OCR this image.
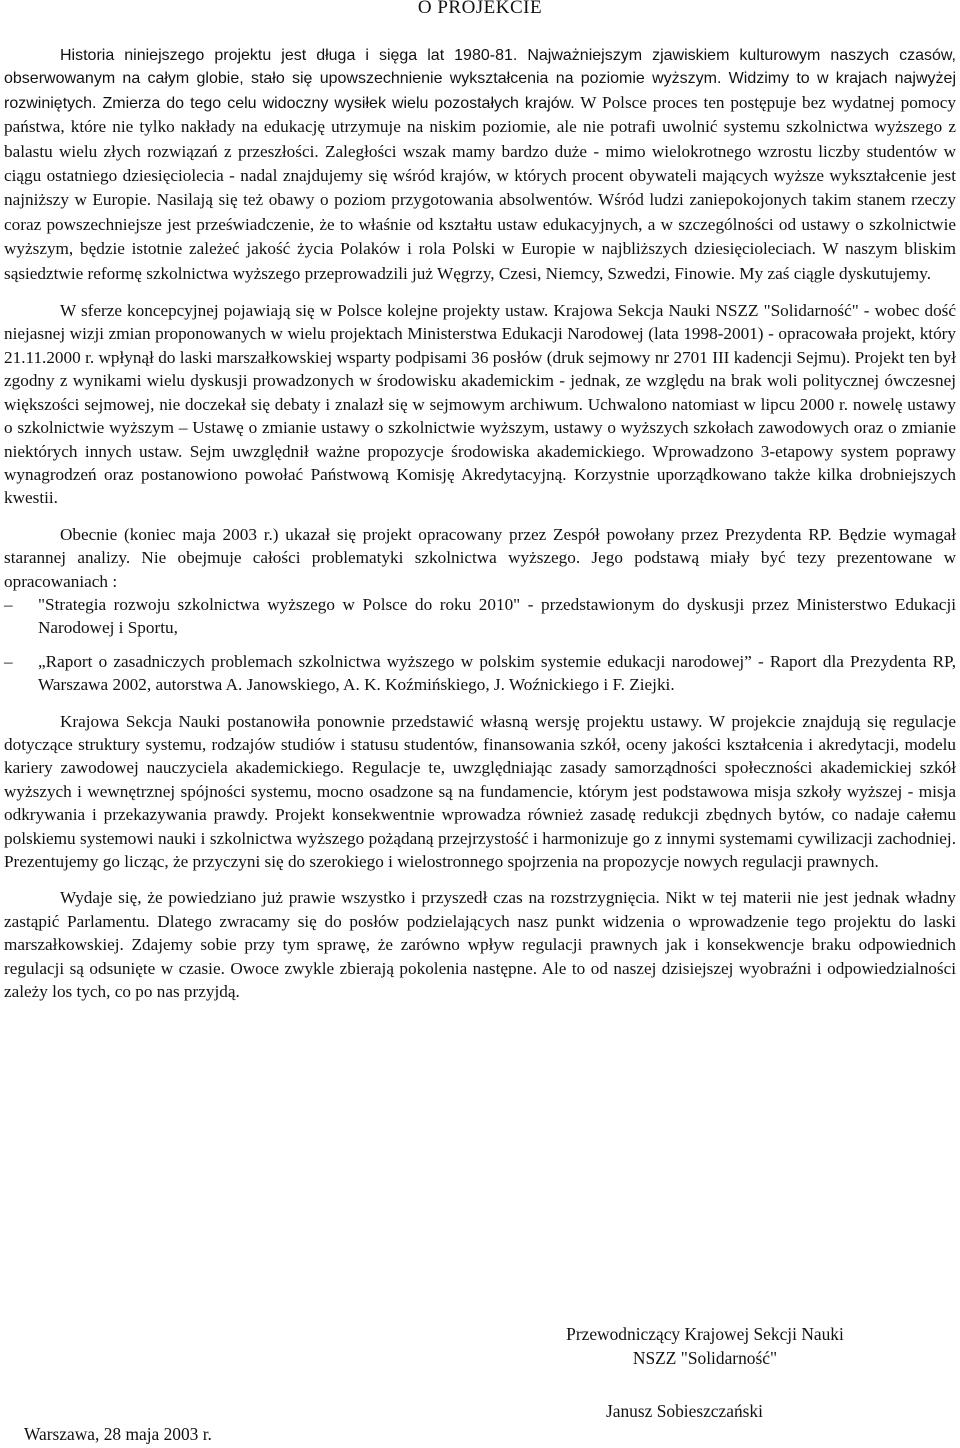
O PROJEKCIE

Historia niniejszego projektu jest długa i sięga lat 1980-81. Najważniejszym zjawiskiem kulturowym naszych czasów, obserwowanym na całym globie, stało się upowszechnienie wykształcenia na poziomie wyższym. Widzimy to w krajach najwyżej rozwiniętych. Zmierza do tego celu widoczny wysiłek wielu pozostałych krajów. W Polsce proces ten postępuje bez wydatnej pomocy państwa, które nie tylko nakłady na edukację utrzymuje na niskim poziomie, ale nie potrafi uwolnić systemu szkolnictwa wyższego z balastu wielu złych rozwiązań z przeszłości. Zaległości wszak mamy bardzo duże - mimo wielokrotnego wzrostu liczby studentów w ciągu ostatniego dziesięciolecia - nadal znajdujemy się wśród krajów, w których procent obywateli mających wyższe wykształcenie jest najniższy w Europie. Nasilają się też obawy o poziom przygotowania absolwentów. Wśród ludzi zaniepokojonych takim stanem rzeczy coraz powszechniejsze jest przeświadczenie, że to właśnie od kształtu ustaw edukacyjnych, a w szczególności od ustawy o szkolnictwie wyższym, będzie istotnie zależeć jakość życia Polaków i rola Polski w Europie w najbliższych dziesięcioleciach. W naszym bliskim sąsiedztwie reformę szkolnictwa wyższego przeprowadzili już Węgrzy, Czesi, Niemcy, Szwedzi, Finowie. My zaś ciągle dyskutujemy.

W sferze koncepcyjnej pojawiają się w Polsce kolejne projekty ustaw. Krajowa Sekcja Nauki NSZZ "Solidarność" - wobec dość niejasnej wizji zmian proponowanych w wielu projektach Ministerstwa Edukacji Narodowej (lata 1998-2001) - opracowała projekt, który 21.11.2000 r. wpłynął do laski marszałkowskiej wsparty podpisami 36 posłów (druk sejmowy nr 2701 III kadencji Sejmu). Projekt ten był zgodny z wynikami wielu dyskusji prowadzonych w środowisku akademickim - jednak, ze względu na brak woli politycznej ówczesnej większości sejmowej, nie doczekał się debaty i znalazł się w sejmowym archiwum. Uchwalono natomiast w lipcu 2000 r. nowelę ustawy o szkolnictwie wyższym – Ustawę o zmianie ustawy o szkolnictwie wyższym, ustawy o wyższych szkołach zawodowych oraz o zmianie niektórych innych ustaw. Sejm uwzględnił ważne propozycje środowiska akademickiego. Wprowadzono 3-etapowy system poprawy wynagrodzeń oraz postanowiono powołać Państwową Komisję Akredytacyjną. Korzystnie uporządkowano także kilka drobniejszych kwestii.

Obecnie (koniec maja 2003 r.) ukazał się projekt opracowany przez Zespół powołany przez Prezydenta RP. Będzie wymagał starannej analizy. Nie obejmuje całości problematyki szkolnictwa wyższego. Jego podstawą miały być tezy prezentowane w opracowaniach :

– "Strategia rozwoju szkolnictwa wyższego w Polsce do roku 2010" - przedstawionym do dyskusji przez Ministerstwo Edukacji Narodowej i Sportu,
– „Raport o zasadniczych problemach szkolnictwa wyższego w polskim systemie edukacji narodowej” - Raport dla Prezydenta RP, Warszawa 2002, autorstwa A. Janowskiego, A. K. Koźmińskiego, J. Woźnickiego i F. Ziejki.

Krajowa Sekcja Nauki postanowiła ponownie przedstawić własną wersję projektu ustawy. W projekcie znajdują się regulacje dotyczące struktury systemu, rodzajów studiów i statusu studentów, finansowania szkół, oceny jakości kształcenia i akredytacji, modelu kariery zawodowej nauczyciela akademickiego. Regulacje te, uwzględniając zasady samorządności społeczności akademickiej szkół wyższych i wewnętrznej spójności systemu, mocno osadzone są na fundamencie, którym jest podstawowa misja szkoły wyższej - misja odkrywania i przekazywania prawdy. Projekt konsekwentnie wprowadza również zasadę redukcji zbędnych bytów, co nadaje całemu polskiemu systemowi nauki i szkolnictwa wyższego pożądaną przejrzystość i harmonizuje go z innymi systemami cywilizacji zachodniej. Prezentujemy go licząc, że przyczyni się do szerokiego i wielostronnego spojrzenia na propozycje nowych regulacji prawnych.

Wydaje się, że powiedziano już prawie wszystko i przyszedł czas na rozstrzygnięcia. Nikt w tej materii nie jest jednak władny zastąpić Parlamentu. Dlatego zwracamy się do posłów podzielających nasz punkt widzenia o wprowadzenie tego projektu do laski marszałkowskiej. Zdajemy sobie przy tym sprawę, że zarówno wpływ regulacji prawnych jak i konsekwencje braku odpowiednich regulacji są odsunięte w czasie. Owoce zwykle zbierają pokolenia następne. Ale to od naszej dzisiejszej wyobraźni i odpowiedzialności zależy los tych, co po nas przyjdą.

Przewodniczący Krajowej Sekcji Nauki
NSZZ "Solidarność"
Janusz Sobieszczański
Warszawa, 28 maja 2003 r.
